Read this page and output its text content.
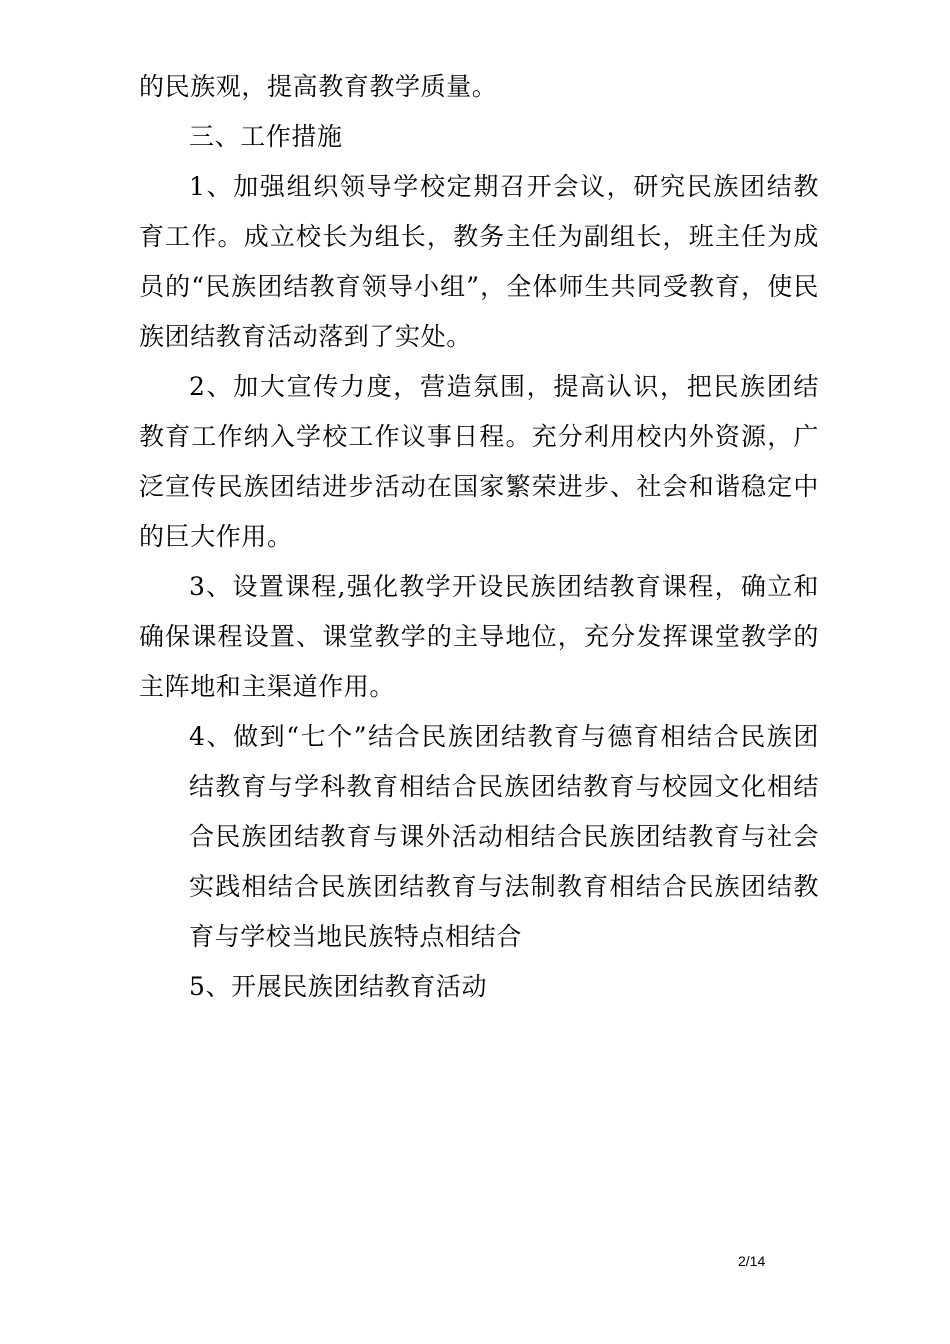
的民族观，提高教育教学质量。

三、工作措施

1、加强组织领导学校定期召开会议，研究民族团结教育工作。成立校长为组长，教务主任为副组长，班主任为成员的“民族团结教育领导小组”，全体师生共同受教育，使民族团结教育活动落到了实处。

2、加大宣传力度，营造氛围，提高认识，把民族团结教育工作纳入学校工作议事日程。充分利用校内外资源，广泛宣传民族团结进步活动在国家繁荣进步、社会和谐稳定中的巨大作用。

3、设置课程,强化教学开设民族团结教育课程，确立和确保课程设置、课堂教学的主导地位，充分发挥课堂教学的主阵地和主渠道作用。

4、做到“七个”结合民族团结教育与德育相结合民族团结教育与学科教育相结合民族团结教育与校园文化相结合民族团结教育与课外活动相结合民族团结教育与社会实践相结合民族团结教育与法制教育相结合民族团结教育与学校当地民族特点相结合

5、开展民族团结教育活动

2/14
